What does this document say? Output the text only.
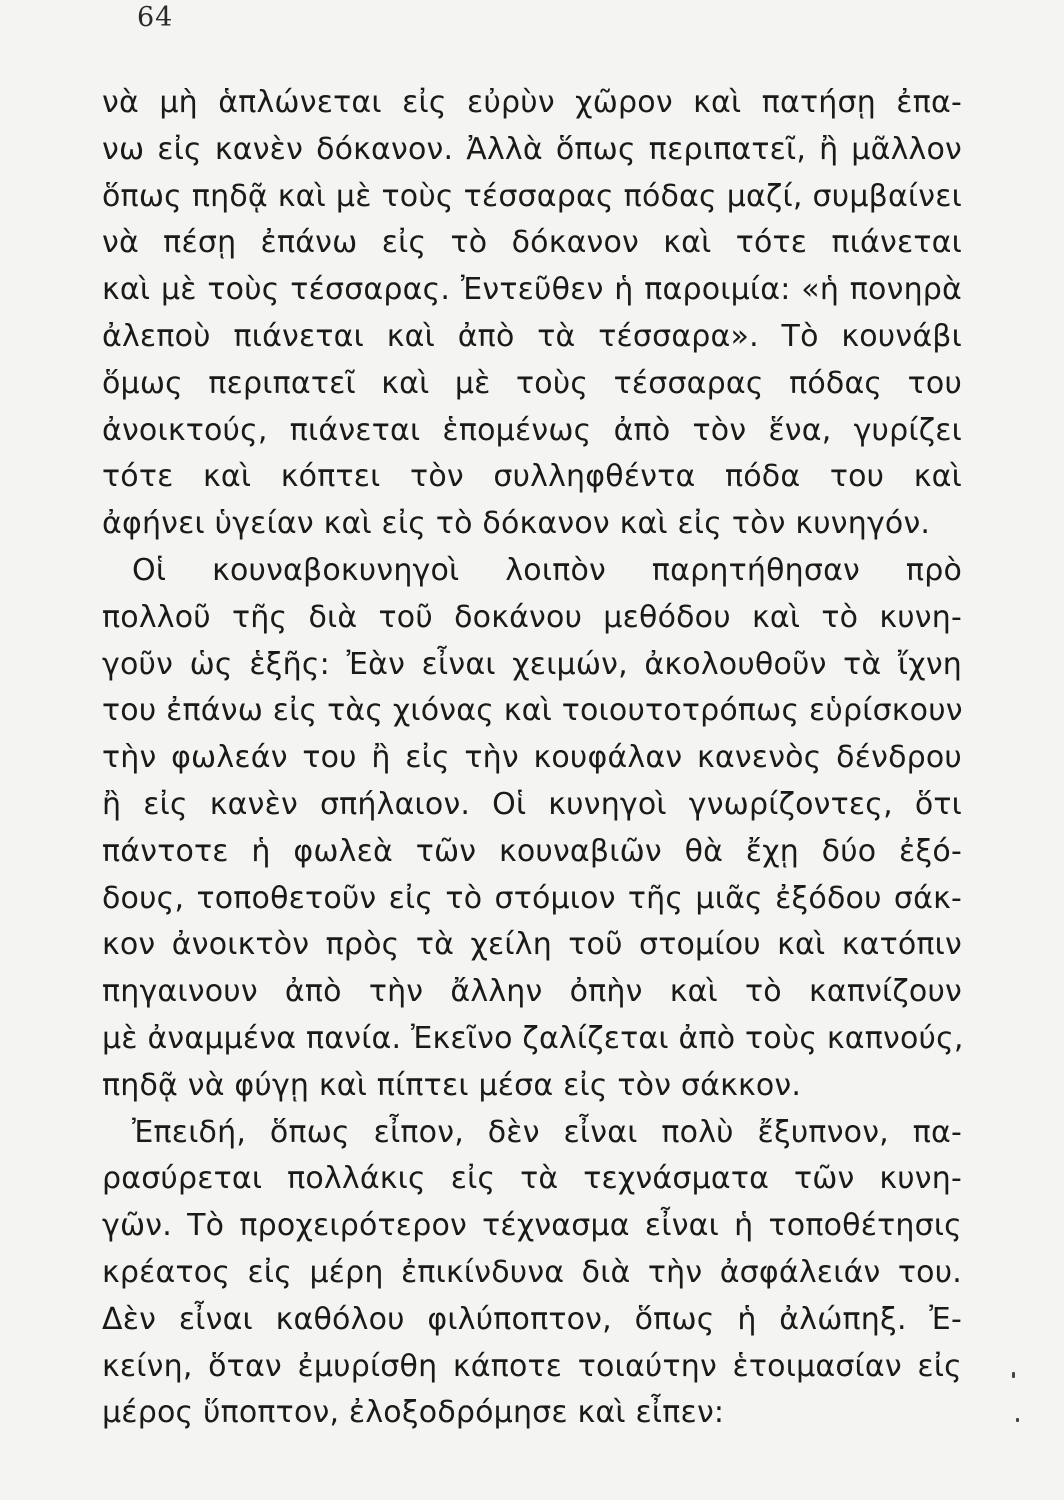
64
νὰ μὴ ἁπλώνεται εἰς εὐρὺν χῶρον καὶ πατήσῃ ἐπα-
νω εἰς κανὲν δόκανον. Ἀλλὰ ὅπως περιπατεῖ, ἢ μᾶλλον
ὅπως πηδᾷ καὶ μὲ τοὺς τέσσαρας πόδας μαζί, συμβαίνει
νὰ πέσῃ ἐπάνω εἰς τὸ δόκανον καὶ τότε πιάνεται
καὶ μὲ τοὺς τέσσαρας. Ἐντεῦθεν ἡ παροιμία: «ἡ πονηρὰ
ἀλεποὺ πιάνεται καὶ ἀπὸ τὰ τέσσαρα». Τὸ κουνάβι
ὅμως περιπατεῖ καὶ μὲ τοὺς τέσσαρας πόδας του
ἀνοικτούς, πιάνεται ἑπομένως ἀπὸ τὸν ἕνα, γυρίζει
τότε καὶ κόπτει τὸν συλληφθέντα πόδα του καὶ
ἀφήνει ὑγείαν καὶ εἰς τὸ δόκανον καὶ εἰς τὸν κυνηγόν.
Οἱ κουναβοκυνηγοὶ λοιπὸν παρητήθησαν πρὸ
πολλοῦ τῆς διὰ τοῦ δοκάνου μεθόδου καὶ τὸ κυνη-
γοῦν ὡς ἑξῆς: Ἐὰν εἶναι χειμών, ἀκολουθοῦν τὰ ἴχνη
του ἐπάνω εἰς τὰς χιόνας καὶ τοιουτοτρόπως εὑρίσκουν
τὴν φωλεάν του ἢ εἰς τὴν κουφάλαν κανενὸς δένδρου
ἢ εἰς κανὲν σπήλαιον. Οἱ κυνηγοὶ γνωρίζοντες, ὅτι
πάντοτε ἡ φωλεὰ τῶν κουναβιῶν θὰ ἔχῃ δύο ἐξό-
δους, τοποθετοῦν εἰς τὸ στόμιον τῆς μιᾶς ἐξόδου σάκ-
κον ἀνοικτὸν πρὸς τὰ χείλη τοῦ στομίου καὶ κατόπιν
πηγαινουν ἀπὸ τὴν ἄλλην ὀπὴν καὶ τὸ καπνίζουν
μὲ ἀναμμένα πανία. Ἐκεῖνο ζαλίζεται ἀπὸ τοὺς καπνούς,
πηδᾷ νὰ φύγῃ καὶ πίπτει μέσα εἰς τὸν σάκκον.
Ἐπειδή, ὅπως εἶπον, δὲν εἶναι πολὺ ἔξυπνον, πα-
ρασύρεται πολλάκις εἰς τὰ τεχνάσματα τῶν κυνη-
γῶν. Τὸ προχειρότερον τέχνασμα εἶναι ἡ τοποθέτησις
κρέατος εἰς μέρη ἐπικίνδυνα διὰ τὴν ἀσφάλειάν του.
Δὲν εἶναι καθόλου φιλύποπτον, ὅπως ἡ ἀλώπηξ. Ἐ-
κείνη, ὅταν ἐμυρίσθη κάποτε τοιαύτην ἑτοιμασίαν εἰς
μέρος ὕποπτον, ἐλοξοδρόμησε καὶ εἶπεν:
